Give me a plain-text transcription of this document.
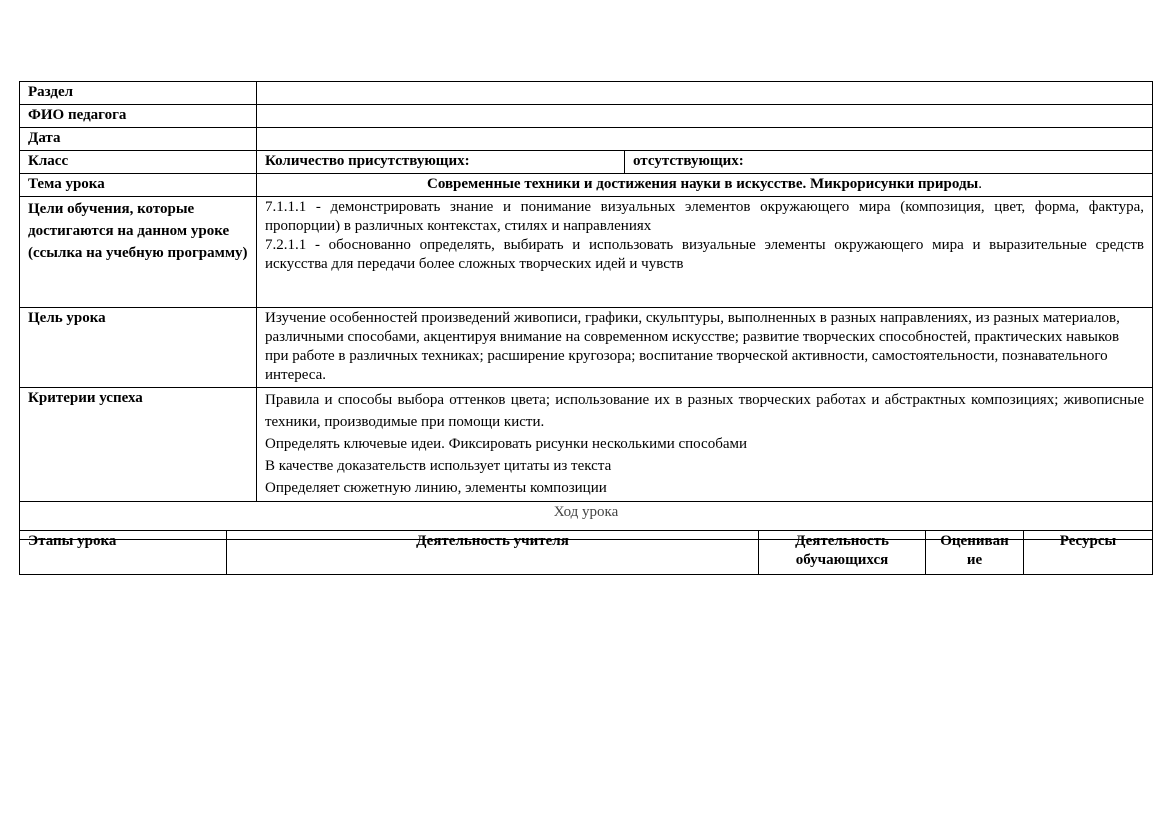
Раздел		
ФИО педагога		
Дата		
Класс	Количество присутствующих:	отсутствующих:
Тема урока	Современные техники и достижения науки в искусстве. Микрорисунки природы.	
Цели обучения, которые достигаются на данном уроке (ссылка на учебную программу)	7.1.1.1 - демонстрировать знание и понимание визуальных элементов окружающего мира (композиция, цвет, форма, фактура, пропорции) в различных контекстах, стилях и направлениях
7.2.1.1 - обоснованно определять, выбирать и использовать визуальные элементы окружающего мира и выразительные средств искусства для передачи более сложных творческих идей и чувств	

Цель урока	Изучение особенностей произведений живописи, графики, скульптуры, выполненных в разных направлениях, из разных материалов, различными способами, акцентируя внимание на современном искусстве; развитие творческих способностей, практических навыков при работе в различных техниках; расширение кругозора; воспитание творческой активности, самостоятельности, познавательного интереса.	
Критерии успеха	Правила и способы выбора оттенков цвета; использование их в разных творческих работах и абстрактных композициях; живописные техники, производимые при помощи кисти.

Определять ключевые идеи. Фиксировать рисунки несколькими способами

В качестве доказательств использует цитаты из текста

Определяет сюжетную линию, элементы композиции	

Ход урока		
Этапы урока	Деятельность учителя	Деятельность обучающихся	Оцениван ие	Ресурсы
